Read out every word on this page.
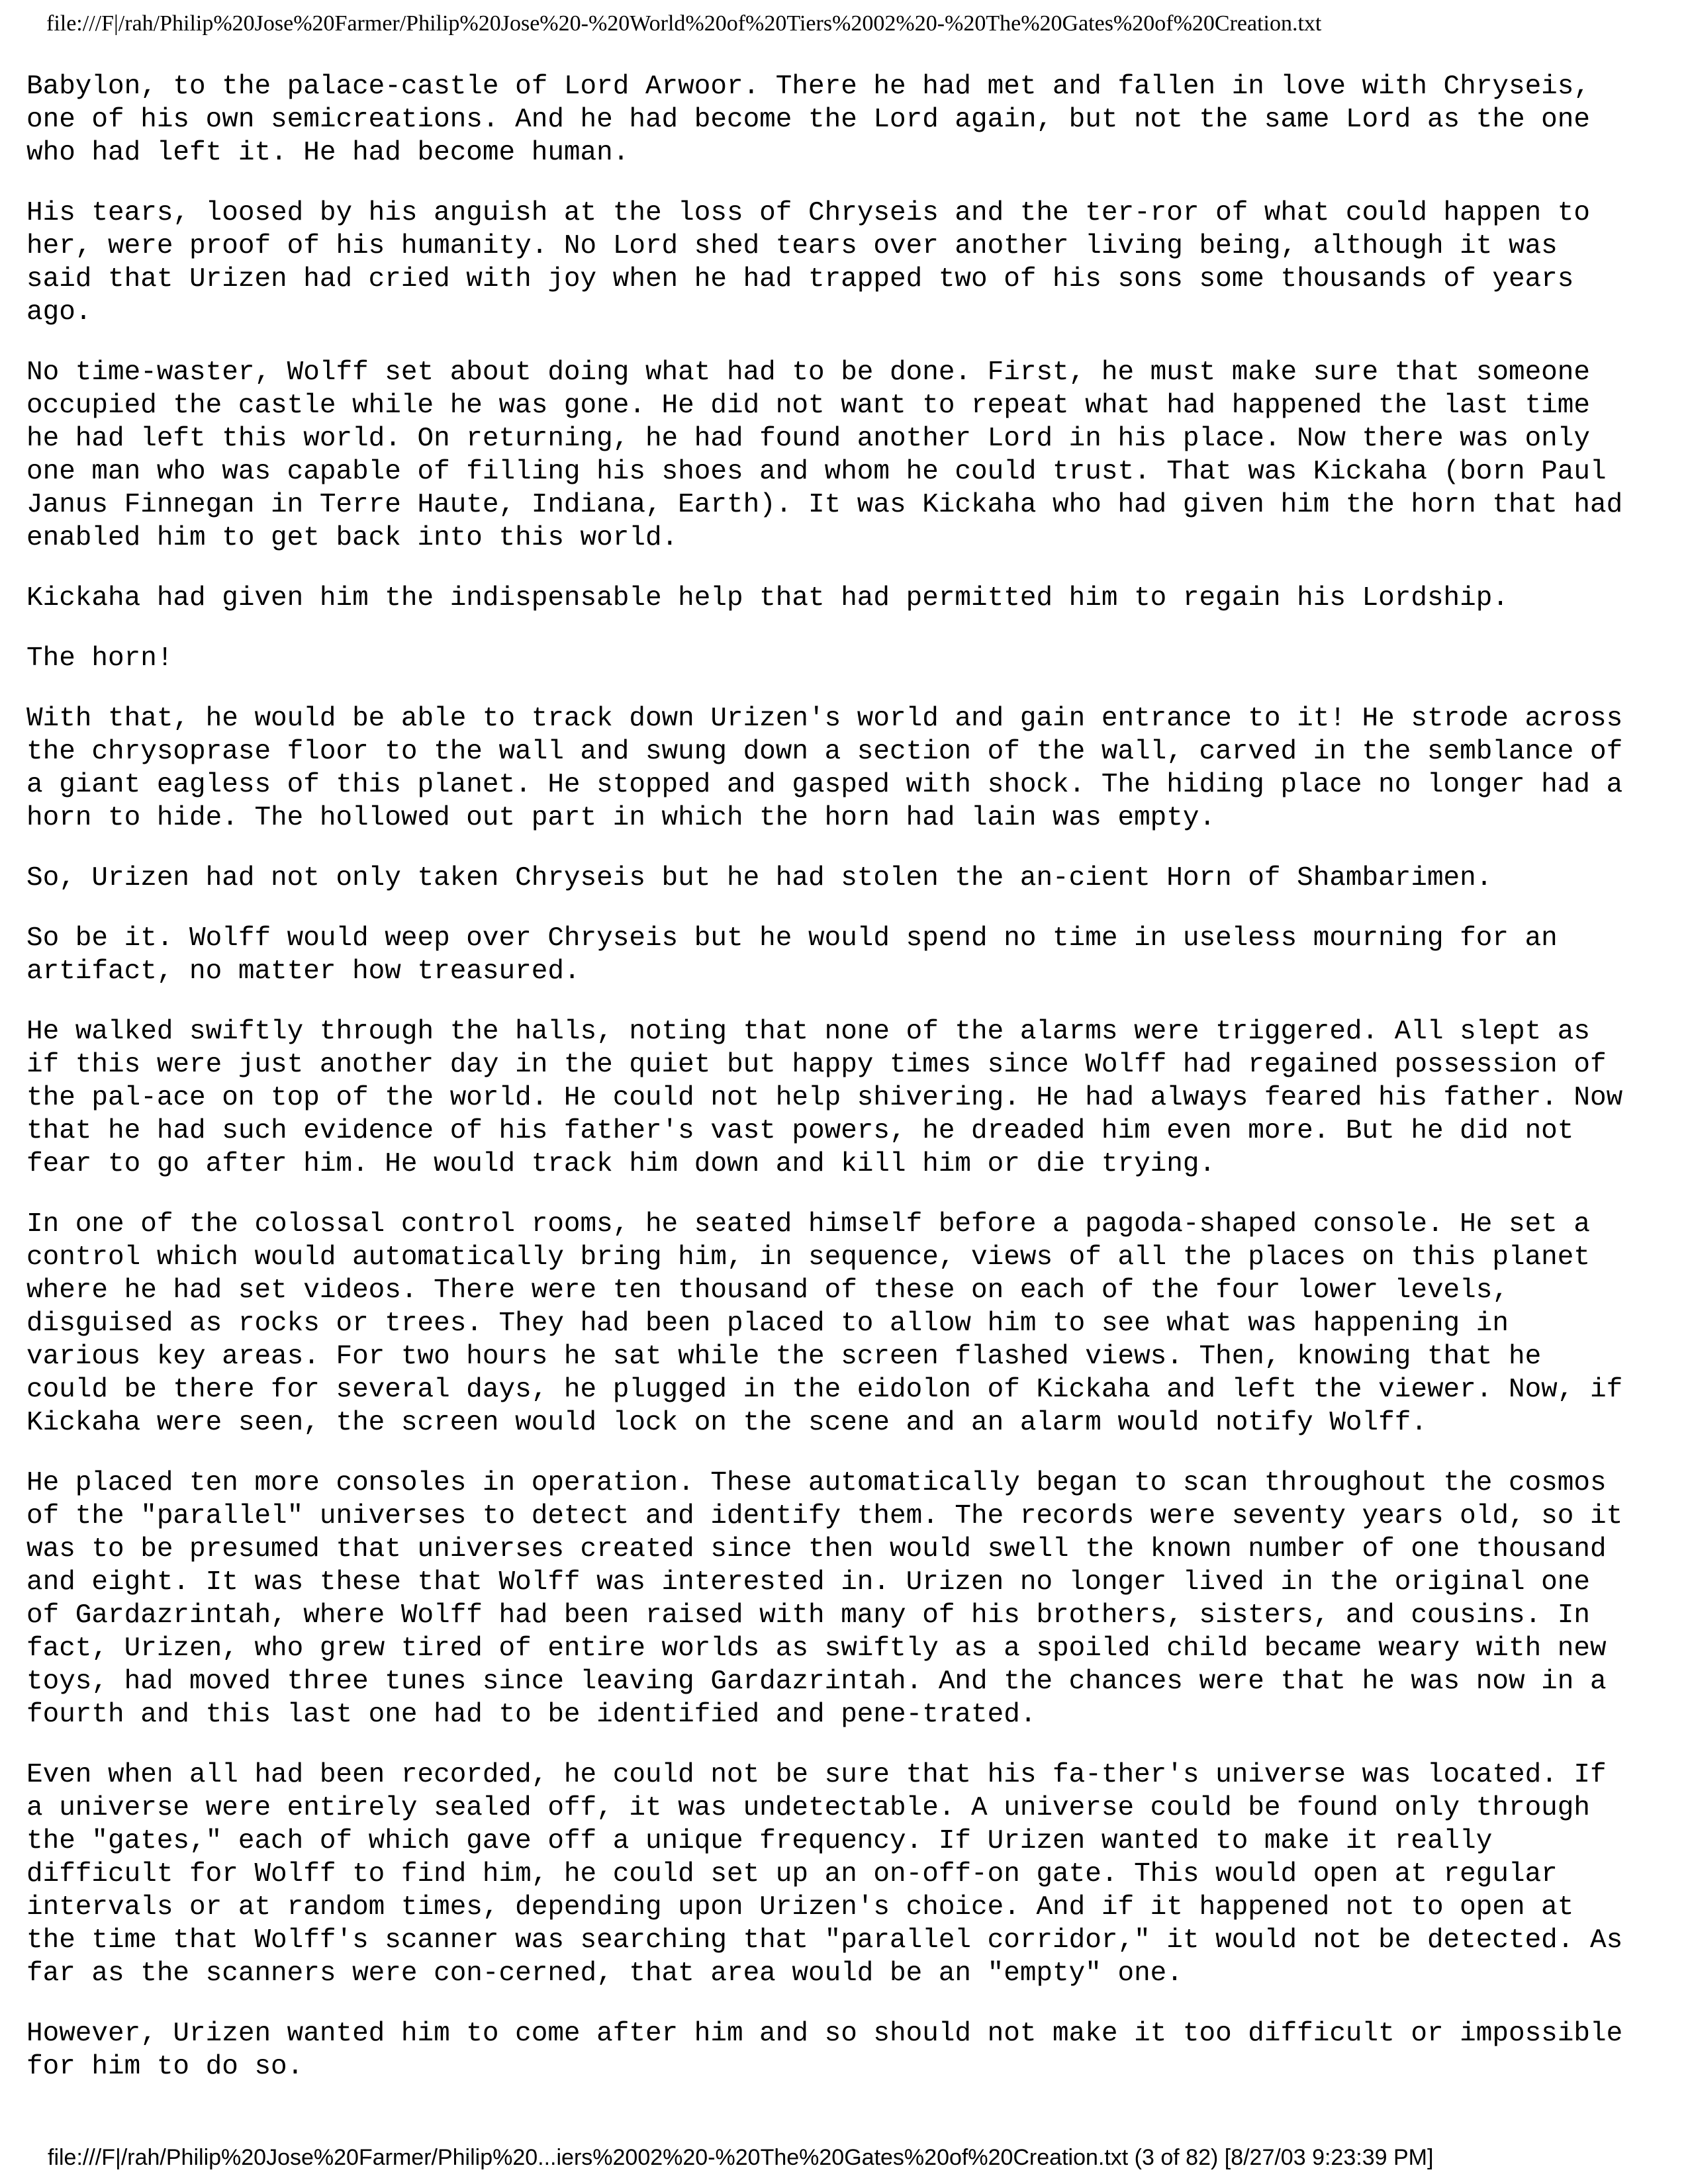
file:///F|/rah/Philip%20Jose%20Farmer/Philip%20Jose%20-%20World%20of%20Tiers%2002%20-%20The%20Gates%20of%20Creation.txt

Babylon, to the palace-castle of Lord Arwoor. There he had met and fallen in love with Chryseis,
one of his own semicreations. And he had become the Lord again, but not the same Lord as the one
who had left it. He had become human.

His tears, loosed by his anguish at the loss of Chryseis and the ter-ror of what could happen to
her, were proof of his humanity. No Lord shed tears over another living being, although it was
said that Urizen had cried with joy when he had trapped two of his sons some thousands of years
ago.

No time-waster, Wolff set about doing what had to be done. First, he must make sure that someone
occupied the castle while he was gone. He did not want to repeat what had happened the last time
he had left this world. On returning, he had found another Lord in his place. Now there was only
one man who was capable of filling his shoes and whom he could trust. That was Kickaha (born Paul
Janus Finnegan in Terre Haute, Indiana, Earth). It was Kickaha who had given him the horn that had
enabled him to get back into this world.

Kickaha had given him the indispensable help that had permitted him to regain his Lordship.

The horn!

With that, he would be able to track down Urizen's world and gain entrance to it! He strode across
the chrysoprase floor to the wall and swung down a section of the wall, carved in the semblance of
a giant eagless of this planet. He stopped and gasped with shock. The hiding place no longer had a
horn to hide. The hollowed out part in which the horn had lain was empty.

So, Urizen had not only taken Chryseis but he had stolen the an-cient Horn of Shambarimen.

So be it. Wolff would weep over Chryseis but he would spend no time in useless mourning for an
artifact, no matter how treasured.

He walked swiftly through the halls, noting that none of the alarms were triggered. All slept as
if this were just another day in the quiet but happy times since Wolff had regained possession of
the pal-ace on top of the world. He could not help shivering. He had always feared his father. Now
that he had such evidence of his father's vast powers, he dreaded him even more. But he did not
fear to go after him. He would track him down and kill him or die trying.

In one of the colossal control rooms, he seated himself before a pagoda-shaped console. He set a
control which would automatically bring him, in sequence, views of all the places on this planet
where he had set videos. There were ten thousand of these on each of the four lower levels,
disguised as rocks or trees. They had been placed to allow him to see what was happening in
various key areas. For two hours he sat while the screen flashed views. Then, knowing that he
could be there for several days, he plugged in the eidolon of Kickaha and left the viewer. Now, if
Kickaha were seen, the screen would lock on the scene and an alarm would notify Wolff.

He placed ten more consoles in operation. These automatically began to scan throughout the cosmos
of the "parallel" universes to detect and identify them. The records were seventy years old, so it
was to be presumed that universes created since then would swell the known number of one thousand
and eight. It was these that Wolff was interested in. Urizen no longer lived in the original one
of Gardazrintah, where Wolff had been raised with many of his brothers, sisters, and cousins. In
fact, Urizen, who grew tired of entire worlds as swiftly as a spoiled child became weary with new
toys, had moved three tunes since leaving Gardazrintah. And the chances were that he was now in a
fourth and this last one had to be identified and pene-trated.

Even when all had been recorded, he could not be sure that his fa-ther's universe was located. If
a universe were entirely sealed off, it was undetectable. A universe could be found only through
the "gates," each of which gave off a unique frequency. If Urizen wanted to make it really
difficult for Wolff to find him, he could set up an on-off-on gate. This would open at regular
intervals or at random times, depending upon Urizen's choice. And if it happened not to open at
the time that Wolff's scanner was searching that "parallel corridor," it would not be detected. As
far as the scanners were con-cerned, that area would be an "empty" one.

However, Urizen wanted him to come after him and so should not make it too difficult or impossible
for him to do so.

file:///F|/rah/Philip%20Jose%20Farmer/Philip%20...iers%2002%20-%20The%20Gates%20of%20Creation.txt (3 of 82) [8/27/03 9:23:39 PM]
